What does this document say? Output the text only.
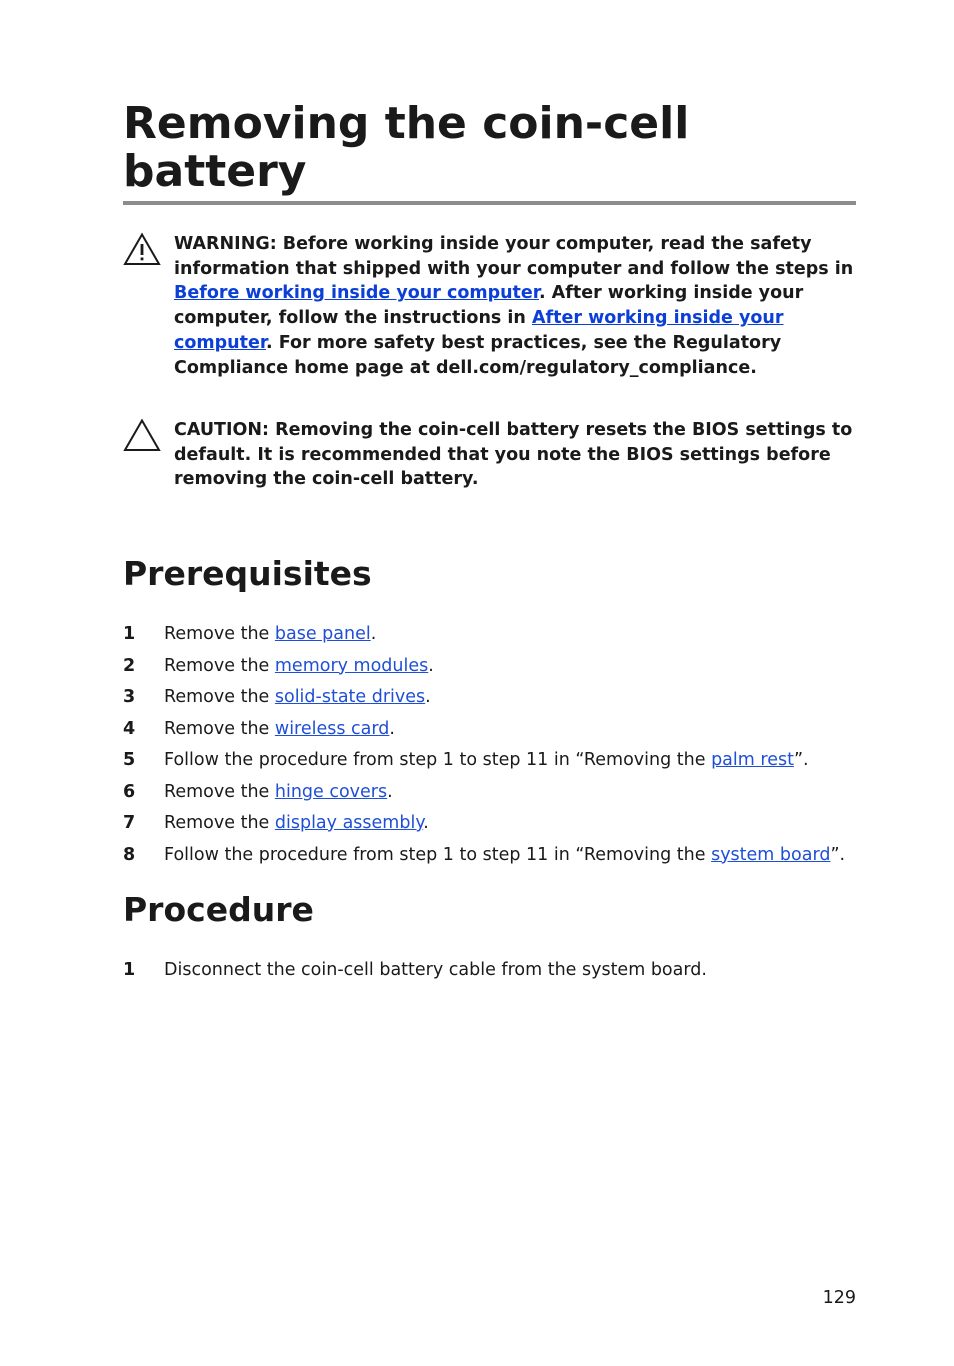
Removing the coin-cell battery
WARNING: Before working inside your computer, read the safety information that shipped with your computer and follow the steps in Before working inside your computer. After working inside your computer, follow the instructions in After working inside your computer. For more safety best practices, see the Regulatory Compliance home page at dell.com/regulatory_compliance.
CAUTION: Removing the coin-cell battery resets the BIOS settings to default. It is recommended that you note the BIOS settings before removing the coin-cell battery.
Prerequisites
1 Remove the base panel.
2 Remove the memory modules.
3 Remove the solid-state drives.
4 Remove the wireless card.
5 Follow the procedure from step 1 to step 11 in “Removing the palm rest”.
6 Remove the hinge covers.
7 Remove the display assembly.
8 Follow the procedure from step 1 to step 11 in “Removing the system board”.
Procedure
1 Disconnect the coin-cell battery cable from the system board.
129
